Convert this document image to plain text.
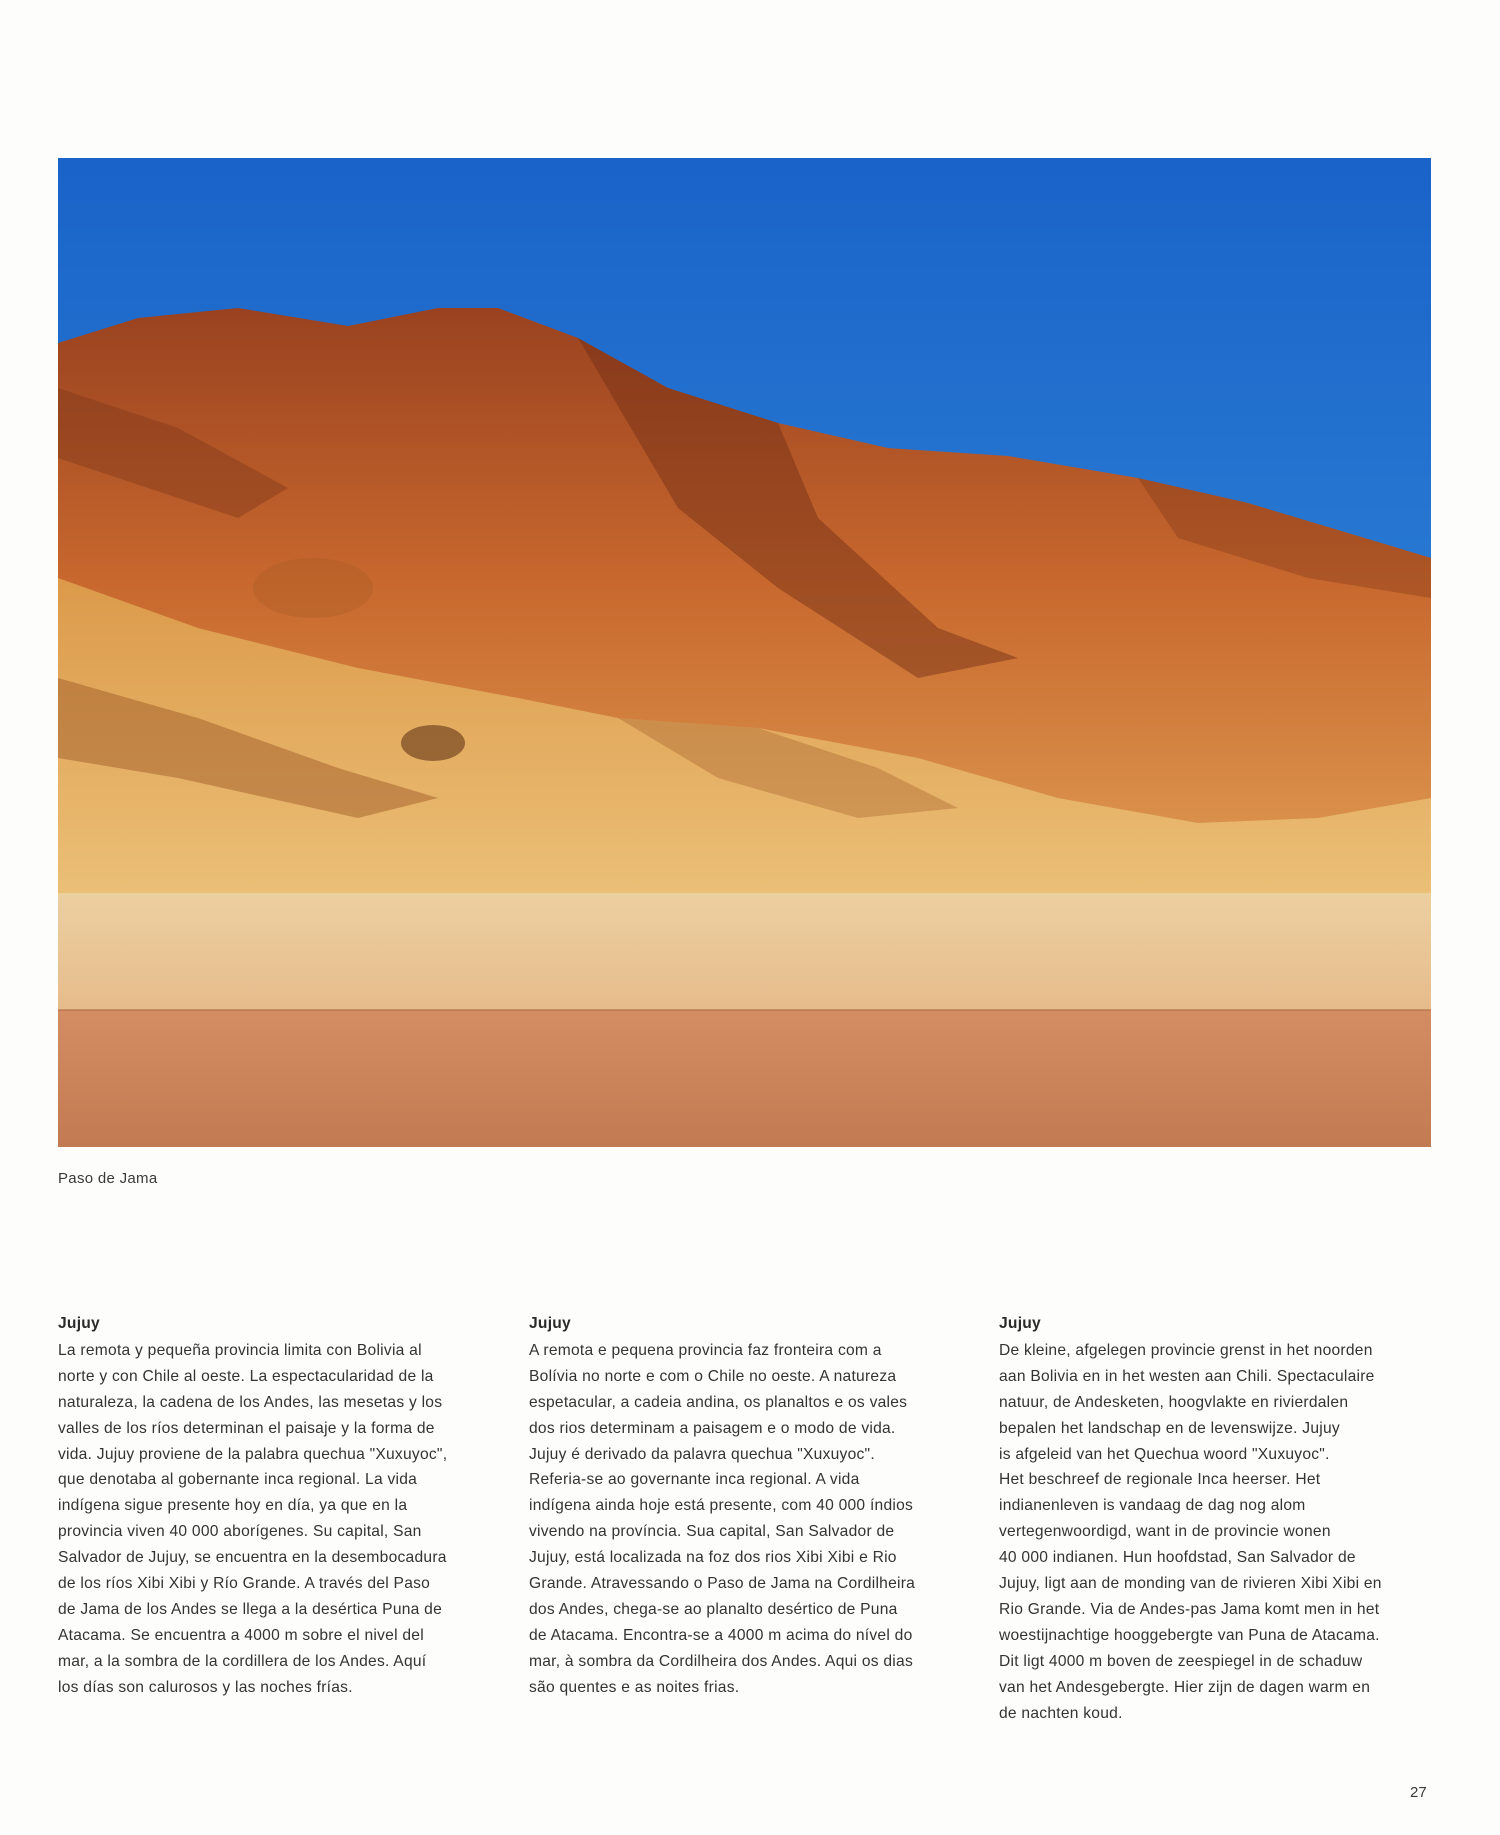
Paso de Jama
Jujuy
La remota y pequeña provincia limita con Bolivia al
norte y con Chile al oeste. La espectacularidad de la
naturaleza, la cadena de los Andes, las mesetas y los
valles de los ríos determinan el paisaje y la forma de
vida. Jujuy proviene de la palabra quechua "Xuxuyoc",
que denotaba al gobernante inca regional. La vida
indígena sigue presente hoy en día, ya que en la
provincia viven 40 000 aborígenes. Su capital, San
Salvador de Jujuy, se encuentra en la desembocadura
de los ríos Xibi Xibi y Río Grande. A través del Paso
de Jama de los Andes se llega a la desértica Puna de
Atacama. Se encuentra a 4000 m sobre el nivel del
mar, a la sombra de la cordillera de los Andes. Aquí
los días son calurosos y las noches frías.
Jujuy
A remota e pequena provincia faz fronteira com a
Bolívia no norte e com o Chile no oeste. A natureza
espetacular, a cadeia andina, os planaltos e os vales
dos rios determinam a paisagem e o modo de vida.
Jujuy é derivado da palavra quechua "Xuxuyoc".
Referia-se ao governante inca regional. A vida
indígena ainda hoje está presente, com 40 000 índios
vivendo na província. Sua capital, San Salvador de
Jujuy, está localizada na foz dos rios Xibi Xibi e Rio
Grande. Atravessando o Paso de Jama na Cordilheira
dos Andes, chega-se ao planalto desértico de Puna
de Atacama. Encontra-se a 4000 m acima do nível do
mar, à sombra da Cordilheira dos Andes. Aqui os dias
são quentes e as noites frias.
Jujuy
De kleine, afgelegen provincie grenst in het noorden
aan Bolivia en in het westen aan Chili. Spectaculaire
natuur, de Andesketen, hoogvlakte en rivierdalen
bepalen het landschap en de levenswijze. Jujuy
is afgeleid van het Quechua woord "Xuxuyoc".
Het beschreef de regionale Inca heerser. Het
indianenleven is vandaag de dag nog alom
vertegenwoordigd, want in de provincie wonen
40 000 indianen. Hun hoofdstad, San Salvador de
Jujuy, ligt aan de monding van de rivieren Xibi Xibi en
Rio Grande. Via de Andes-pas Jama komt men in het
woestijnachtige hooggebergte van Puna de Atacama.
Dit ligt 4000 m boven de zeespiegel in de schaduw
van het Andesgebergte. Hier zijn de dagen warm en
de nachten koud.
27
